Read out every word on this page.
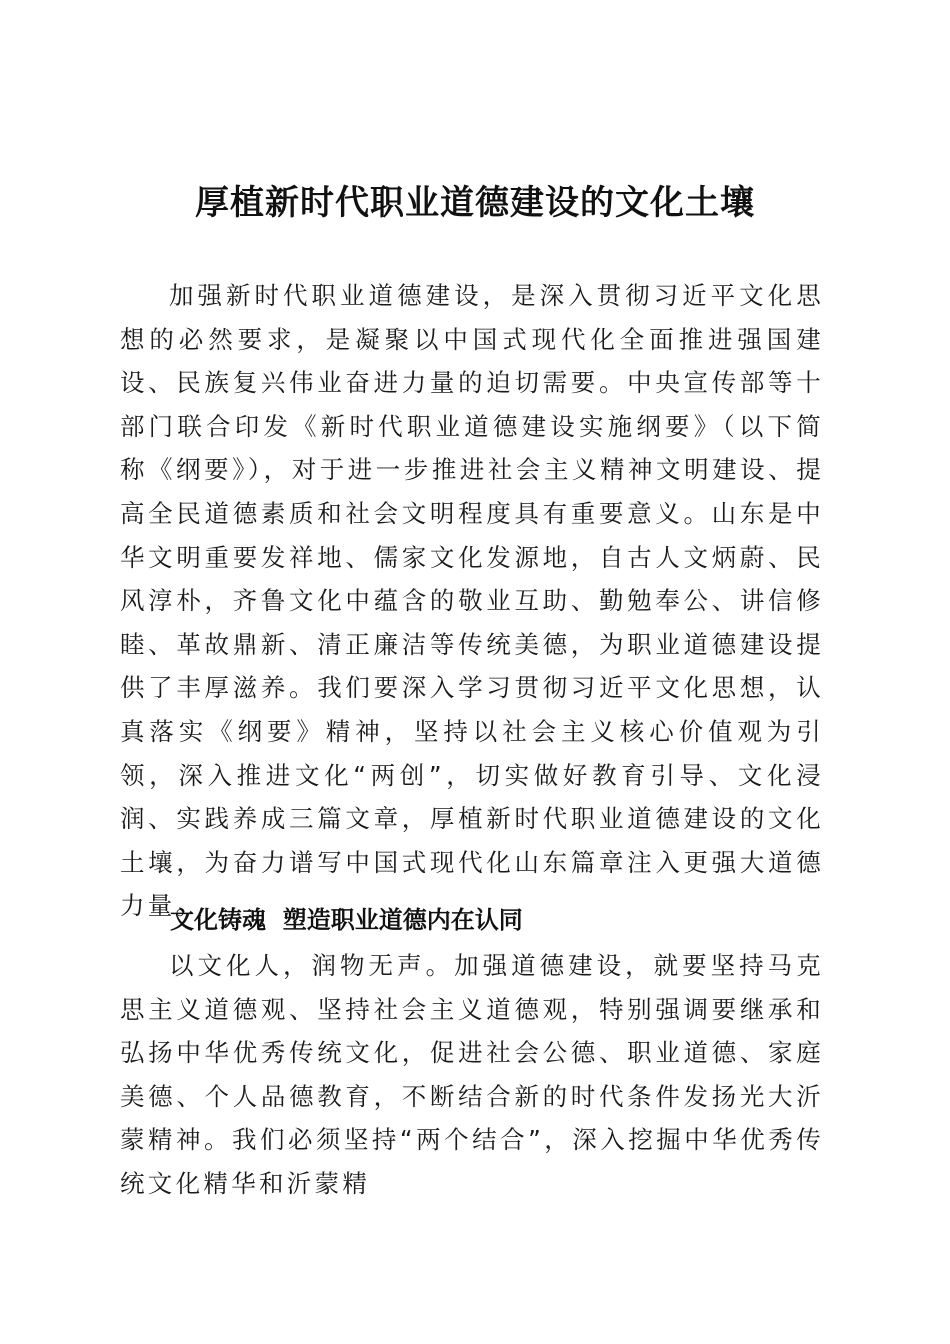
厚植新时代职业道德建设的文化土壤

加强新时代职业道德建设，是深入贯彻习近平文化思想的必然要求，是凝聚以中国式现代化全面推进强国建设、民族复兴伟业奋进力量的迫切需要。中央宣传部等十部门联合印发《新时代职业道德建设实施纲要》（以下简称《纲要》），对于进一步推进社会主义精神文明建设、提高全民道德素质和社会文明程度具有重要意义。山东是中华文明重要发祥地、儒家文化发源地，自古人文炳蔚、民风淳朴，齐鲁文化中蕴含的敬业互助、勤勉奉公、讲信修睦、革故鼎新、清正廉洁等传统美德，为职业道德建设提供了丰厚滋养。我们要深入学习贯彻习近平文化思想，认真落实《纲要》精神，坚持以社会主义核心价值观为引领，深入推进文化“两创”，切实做好教育引导、文化浸润、实践养成三篇文章，厚植新时代职业道德建设的文化土壤，为奋力谱写中国式现代化山东篇章注入更强大道德力量。

文化铸魂  塑造职业道德内在认同

以文化人，润物无声。加强道德建设，就要坚持马克思主义道德观、坚持社会主义道德观，特别强调要继承和弘扬中华优秀传统文化，促进社会公德、职业道德、家庭美德、个人品德教育，不断结合新的时代条件发扬光大沂蒙精神。我们必须坚持“两个结合”，深入挖掘中华优秀传统文化精华和沂蒙精
